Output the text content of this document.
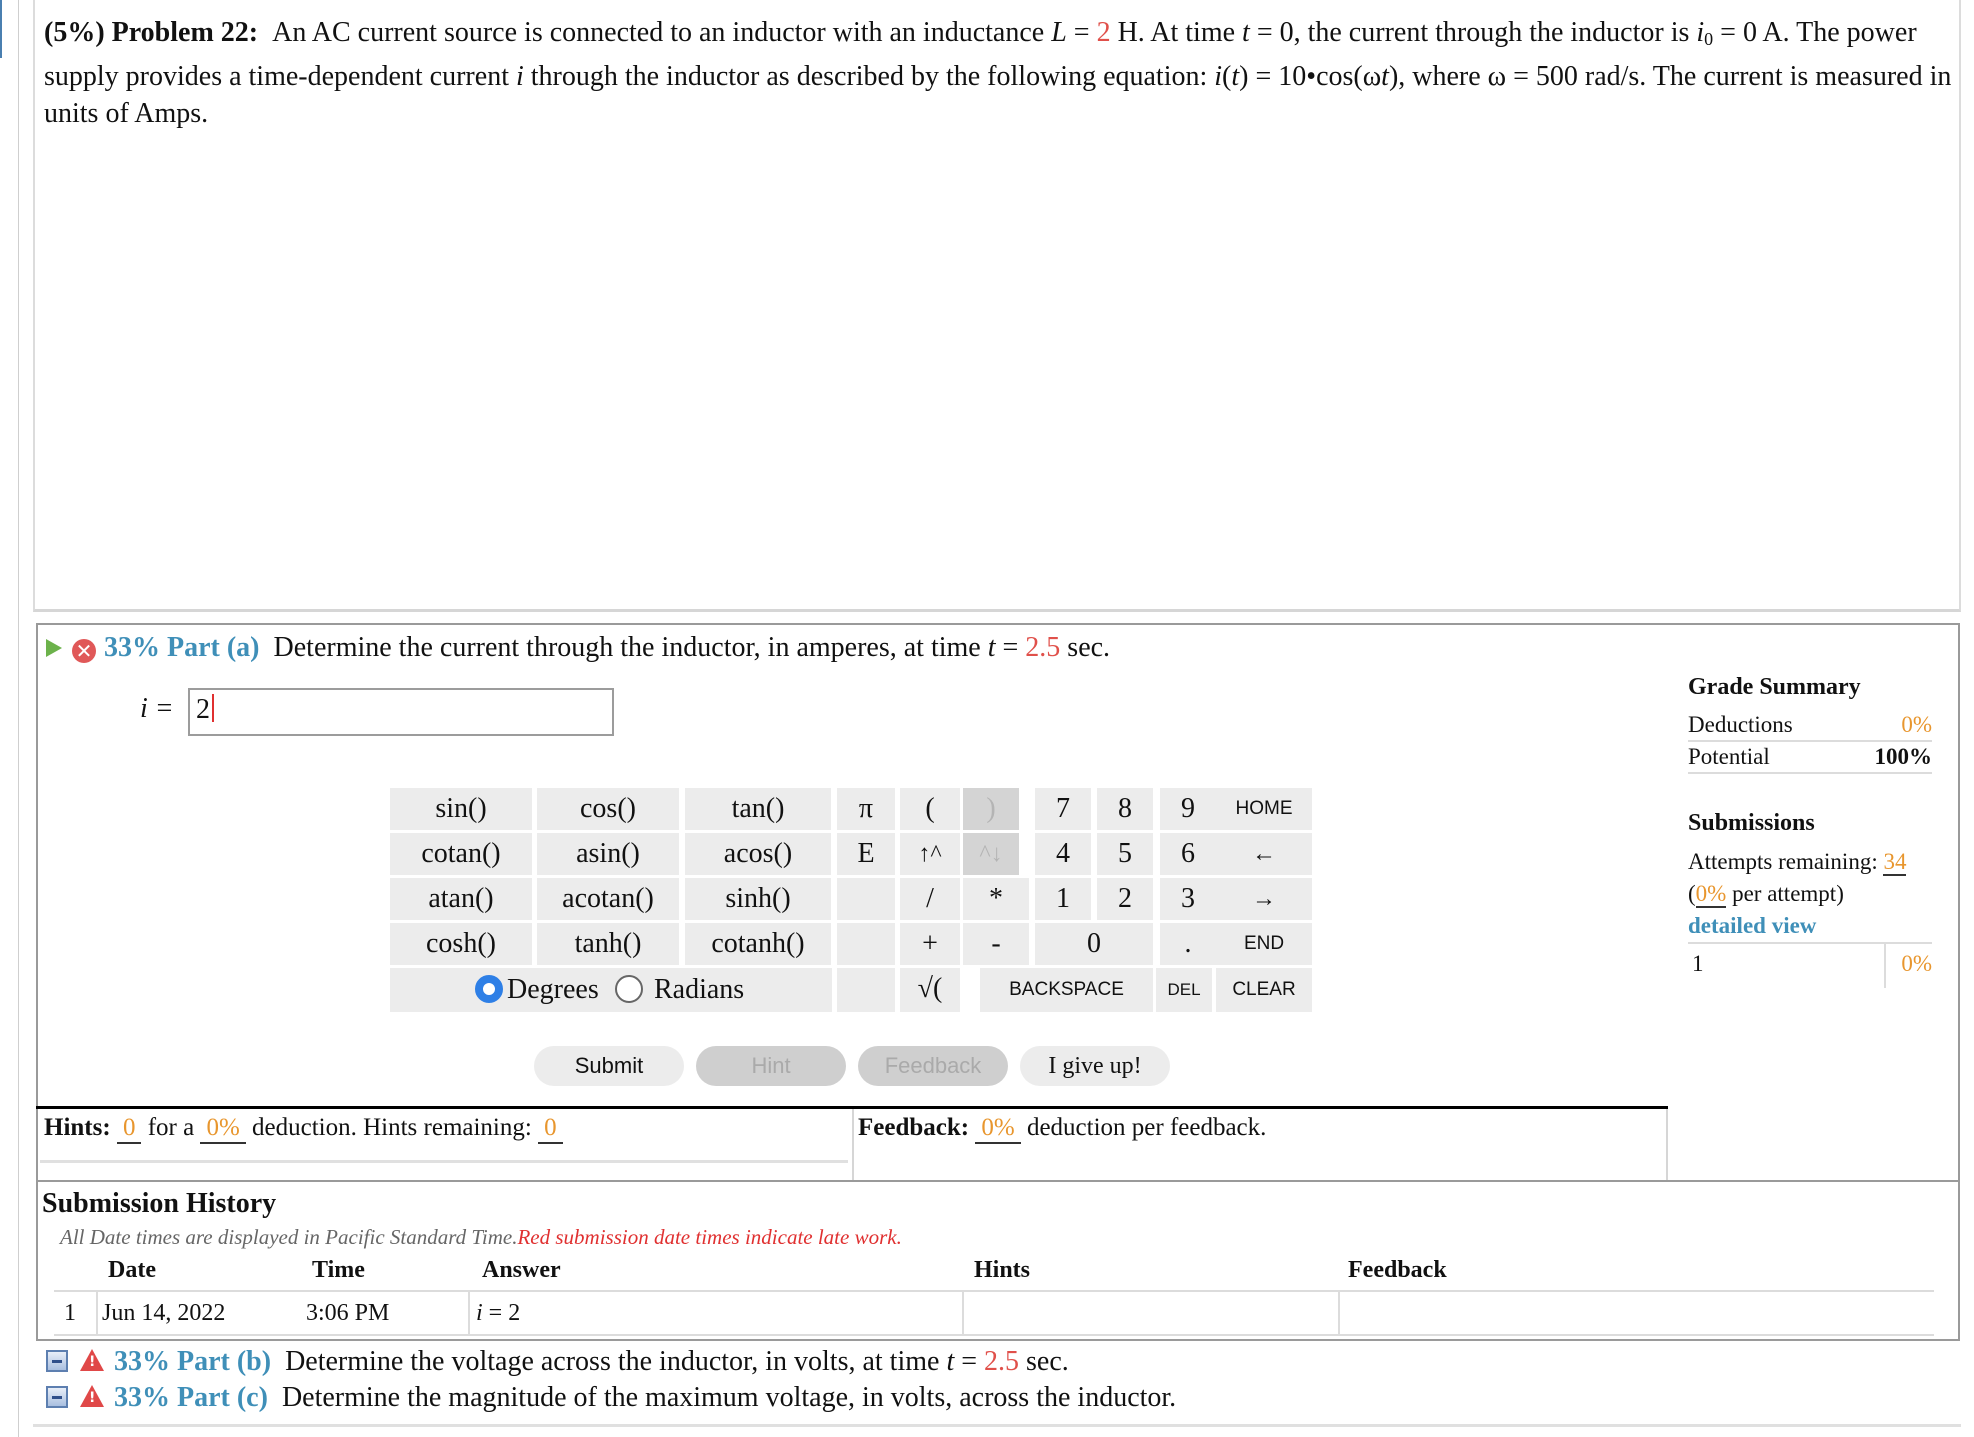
(5%) Problem 22: An AC current source is connected to an inductor with an inductance L = 2 H. At time t = 0, the current through the inductor is $i_0 = 0$ A. The power supply provides a time-dependent current i through the inductor as described by the following equation: i(t) = 10•cos(ωt), where ω = 500 rad/s. The current is measured in units of Amps.
✕ 33% Part (a) Determine the current through the inductor, in amperes, at time t = 2.5 sec.
i = 2
sin()	cos()	tan()
cotan()	asin()	acos()
atan()	acotan()	sinh()
cosh()	tanh()	cotanh()
Degrees	Radians
π
E
(	)
↑^	^↓
/	*
+	-
√(
7	8	9
4	5	6
1	2	3
0	.
BACKSPACE	DEL
HOME
←
→
END
CLEAR
Submit	Hint	Feedback	I give up!
Hints: 0 for a 0% deduction. Hints remaining: 0	Feedback: 0% deduction per feedback.
Grade Summary
Deductions	0%
Potential	100%
Submissions
Attempts remaining: 34
(0% per attempt)
detailed view
1	0%
Submission History
All Date times are displayed in Pacific Standard Time.Red submission date times indicate late work.
Date	Time	Answer	Hints	Feedback
1 Jun 14, 2022	3:06 PM	i = 2
! 33% Part (b) Determine the voltage across the inductor, in volts, at time t = 2.5 sec.
! 33% Part (c) Determine the magnitude of the maximum voltage, in volts, across the inductor.
